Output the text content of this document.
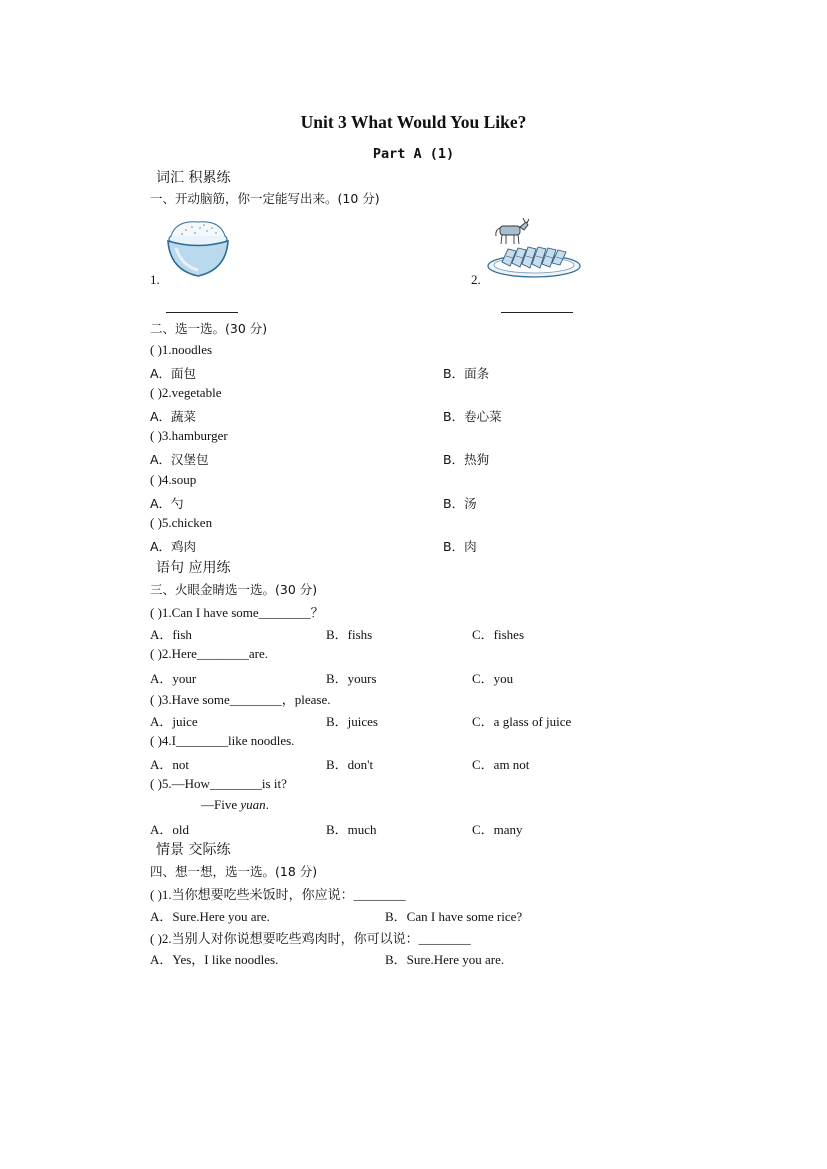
Unit 3 What Would You Like?
Part A (1)
词汇 积累练
一、开动脑筋，你一定能写出来。(10 分)
1.	2.
二、选一选。(30 分)
( )1.noodles
A．面包	B．面条
( )2.vegetable
A．蔬菜	B．卷心菜
( )3.hamburger
A．汉堡包	B．热狗
( )4.soup
A．勺	B．汤
( )5.chicken
A．鸡肉	B．肉
语句 应用练
三、火眼金睛选一选。(30 分)
( )1.Can I have some________？
A．fish	B．fishs	C．fishes
( )2.Here________are.
A．your	B．yours	C．you
( )3.Have some________，please.
A．juice	B．juices	C．a glass of juice
( )4.I________like noodles.
A．not	B．don't	C．am not
( )5.—How________is it?
—Five yuan.
A．old	B．much	C．many
情景 交际练
四、想一想，选一选。(18 分)
( )1.当你想要吃些米饭时，你应说：________
A．Sure.Here you are.	B．Can I have some rice?
( )2.当别人对你说想要吃些鸡肉时，你可以说：________
A．Yes，I like noodles.	B．Sure.Here you are.
